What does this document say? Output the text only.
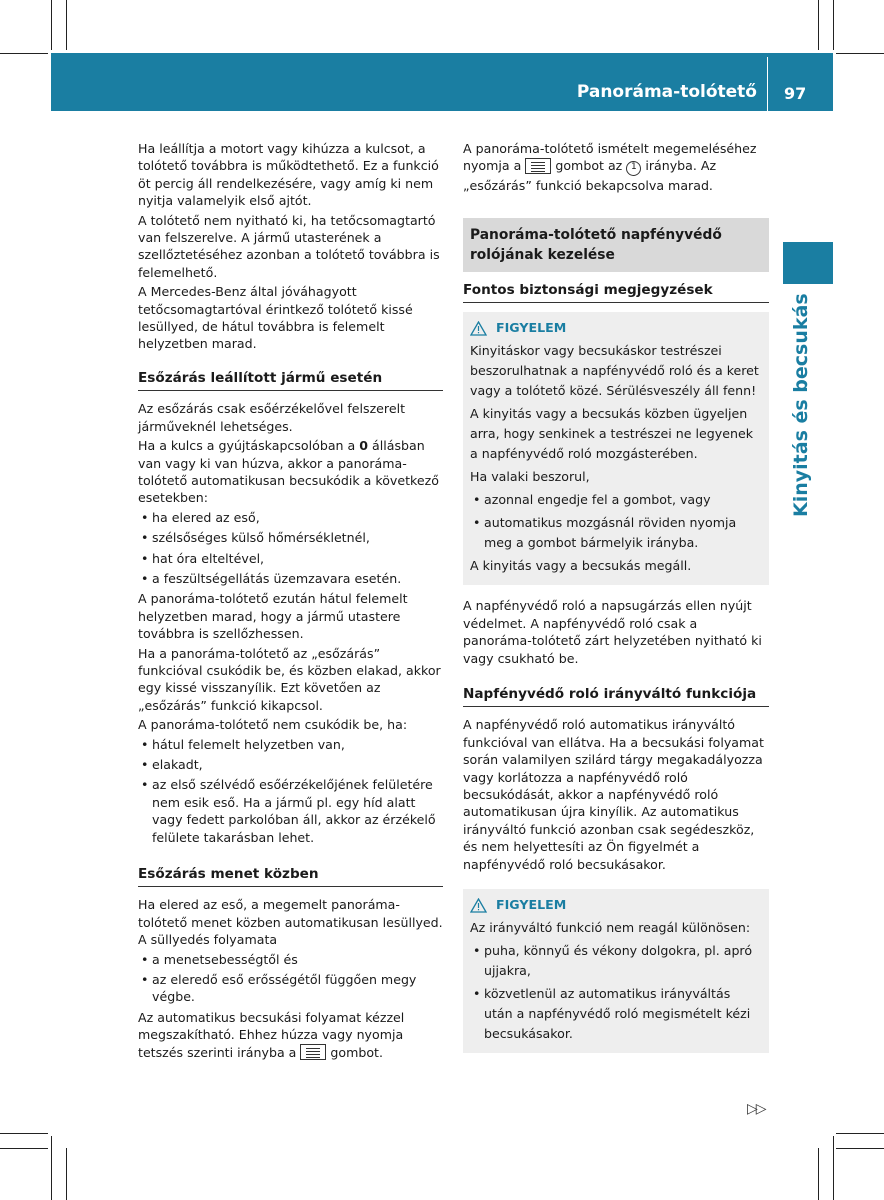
Panoráma-tolótető 97
Kinyitás és becsukás

Ha leállítja a motort vagy kihúzza a kulcsot, a tolótető továbbra is működtethető. Ez a funkció öt percig áll rendelkezésére, vagy amíg ki nem nyitja valamelyik első ajtót.

A tolótető nem nyitható ki, ha tetőcsomagtartó van felszerelve. A jármű utasterének a szellőztetéséhez azonban a tolótető továbbra is felemelhető.

A Mercedes-Benz által jóváhagyott tetőcsomagtartóval érintkező tolótető kissé lesüllyed, de hátul továbbra is felemelt helyzetben marad.

Esőzárás leállított jármű esetén

Az esőzárás csak esőérzékelővel felszerelt járműveknél lehetséges.

Ha a kulcs a gyújtáskapcsolóban a 0 állásban van vagy ki van húzva, akkor a panoráma-tolótető automatikusan becsukódik a következő esetekben:

• ha elered az eső,
• szélsőséges külső hőmérsékletnél,
• hat óra elteltével,
• a feszültségellátás üzemzavara esetén.

A panoráma-tolótető ezután hátul felemelt helyzetben marad, hogy a jármű utastere továbbra is szellőzhessen.

Ha a panoráma-tolótető az „esőzárás” funkcióval csukódik be, és közben elakad, akkor egy kissé visszanyílik. Ezt követően az „esőzárás” funkció kikapcsol.

A panoráma-tolótető nem csukódik be, ha:

• hátul felemelt helyzetben van,
• elakadt,
• az első szélvédő esőérzékelőjének felületére nem esik eső. Ha a jármű pl. egy híd alatt vagy fedett parkolóban áll, akkor az érzékelő felülete takarásban lehet.
Esőzárás menet közben

Ha elered az eső, a megemelt panoráma-tolótető menet közben automatikusan lesüllyed. A süllyedés folyamata

• a menetsebességtől és
• az eleredő eső erősségétől függően megy végbe.

Az automatikus becsukási folyamat kézzel megszakítható. Ehhez húzza vagy nyomja tetszés szerinti irányba a
gombot.

A panoráma-tolótető ismételt megemeléséhez nyomja a
gombot az 1 irányba. Az „esőzárás” funkció bekapcsolva marad.

Panoráma-tolótető napfényvédő rolójának kezelése
Fontos biztonsági megjegyzések
FIGYELEM

Kinyitáskor vagy becsukáskor testrészei beszorulhatnak a napfényvédő roló és a keret vagy a tolótető közé. Sérülésveszély áll fenn!

A kinyitás vagy a becsukás közben ügyeljen arra, hogy senkinek a testrészei ne legyenek a napfényvédő roló mozgásterében.

Ha valaki beszorul,

• azonnal engedje fel a gombot, vagy
• automatikus mozgásnál röviden nyomja meg a gombot bármelyik irányba.

A kinyitás vagy a becsukás megáll.

A napfényvédő roló a napsugárzás ellen nyújt védelmet. A napfényvédő roló csak a panoráma-tolótető zárt helyzetében nyitható ki vagy csukható be.

Napfényvédő roló irányváltó funkciója

A napfényvédő roló automatikus irányváltó funkcióval van ellátva. Ha a becsukási folyamat során valamilyen szilárd tárgy megakadályozza vagy korlátozza a napfényvédő roló becsukódását, akkor a napfényvédő roló automatikusan újra kinyílik. Az automatikus irányváltó funkció azonban csak segédeszköz, és nem helyettesíti az Ön figyelmét a napfényvédő roló becsukásakor.

FIGYELEM

Az irányváltó funkció nem reagál különösen:

• puha, könnyű és vékony dolgokra, pl. apró ujjakra,
• közvetlenül az automatikus irányváltás után a napfényvédő roló megismételt kézi becsukásakor.
▷▷
